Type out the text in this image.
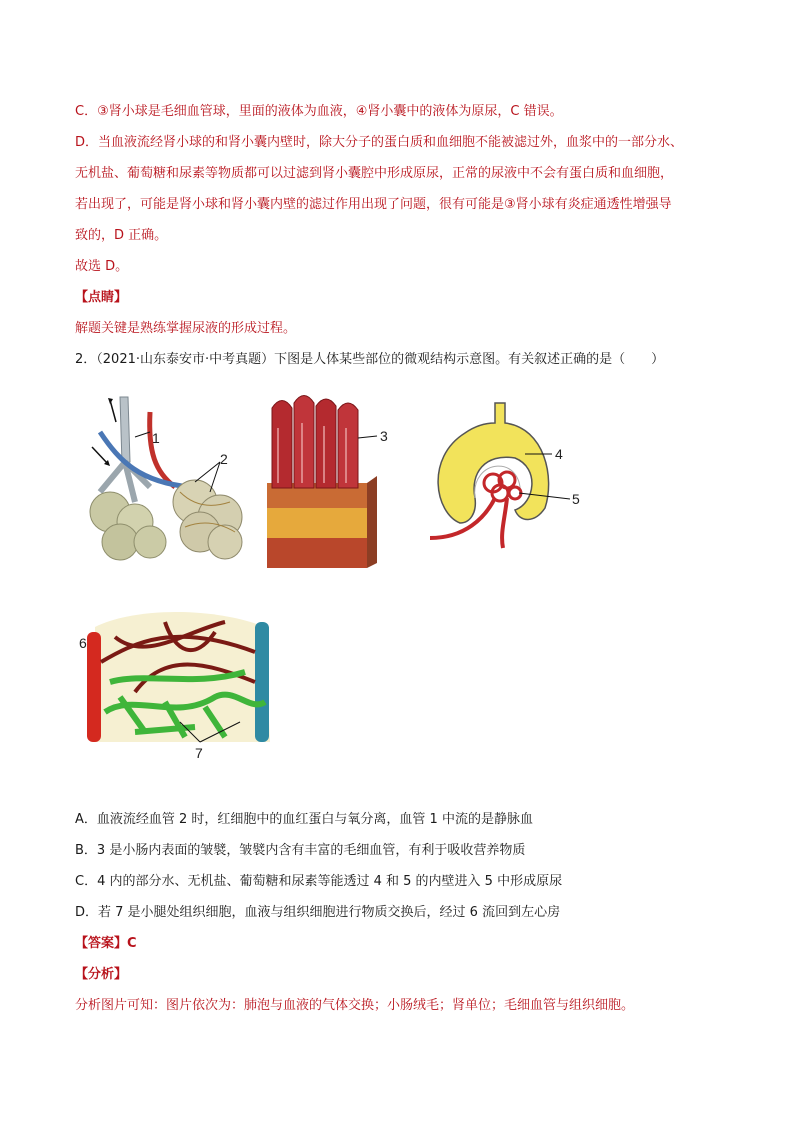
C．③肾小球是毛细血管球，里面的液体为血液，④肾小囊中的液体为原尿，C 错误。
D．当血液流经肾小球的和肾小囊内壁时，除大分子的蛋白质和血细胞不能被滤过外，血浆中的一部分水、
无机盐、葡萄糖和尿素等物质都可以过滤到肾小囊腔中形成原尿，正常的尿液中不会有蛋白质和血细胞，
若出现了，可能是肾小球和肾小囊内壁的滤过作用出现了问题，很有可能是③肾小球有炎症通透性增强导
致的，D 正确。
故选 D。
【点睛】
解题关键是熟练掌握尿液的形成过程。
2．（2021·山东泰安市·中考真题）下图是人体某些部位的微观结构示意图。有关叙述正确的是（　　）
1
2
3
4
5
6
7
A．血液流经血管 2 时，红细胞中的血红蛋白与氧分离，血管 1 中流的是静脉血
B．3 是小肠内表面的皱襞，皱襞内含有丰富的毛细血管，有利于吸收营养物质
C．4 内的部分水、无机盐、葡萄糖和尿素等能透过 4 和 5 的内壁进入 5 中形成原尿
D．若 7 是小腿处组织细胞，血液与组织细胞进行物质交换后，经过 6 流回到左心房
【答案】C
【分析】
分析图片可知：图片依次为：肺泡与血液的气体交换；小肠绒毛；肾单位；毛细血管与组织细胞。
